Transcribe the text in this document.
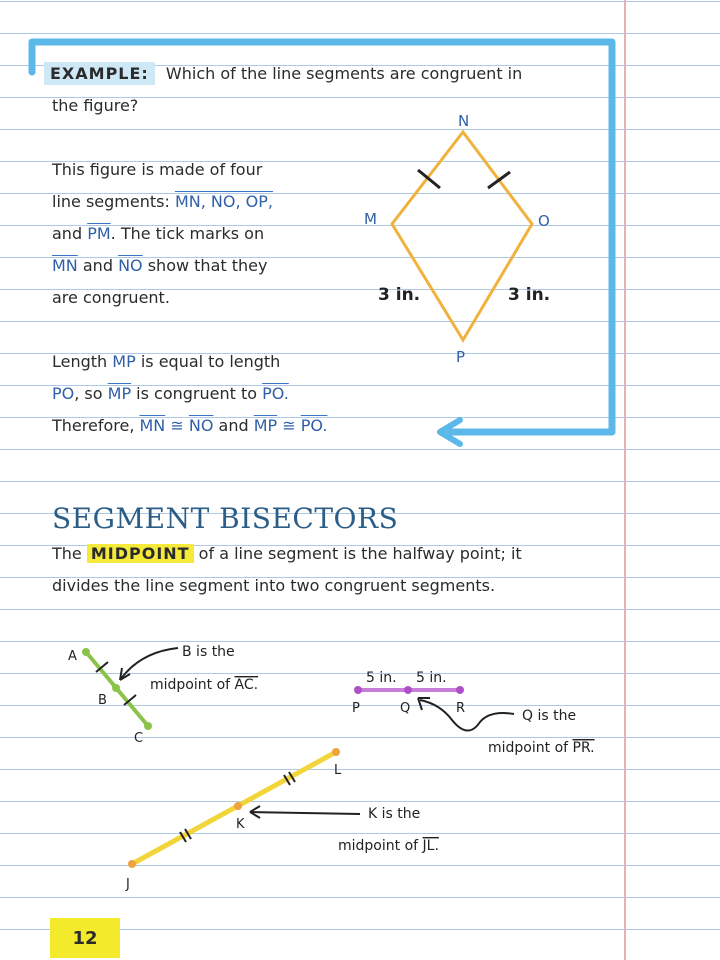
EXAMPLE: Which of the line segments are congruent in
the figure?
This figure is made of four
line segments: MN, NO, OP,
and $\overline{PM}$. The tick marks on
$\overline{MN}$ and $\overline{NO}$ show that they
are congruent.
Length MP is equal to length
PO, so $\overline{MP}$ is congruent to PO.
Therefore, $\overline{MN}$ ≅ $\overline{NO}$ and $\overline{MP}$ ≅ PO.
N
M	O
P
3 in.	3 in.
SEGMENT BISECTORS
The MIDPOINT of a line segment is the halfway point; it
divides the line segment into two congruent segments.
A
B
C
B is the
midpoint of AC.	5 in. 5 in.
P	Q	R	Q is the
midpoint of PR.
J
K
L
K is the
midpoint of JL.
12
